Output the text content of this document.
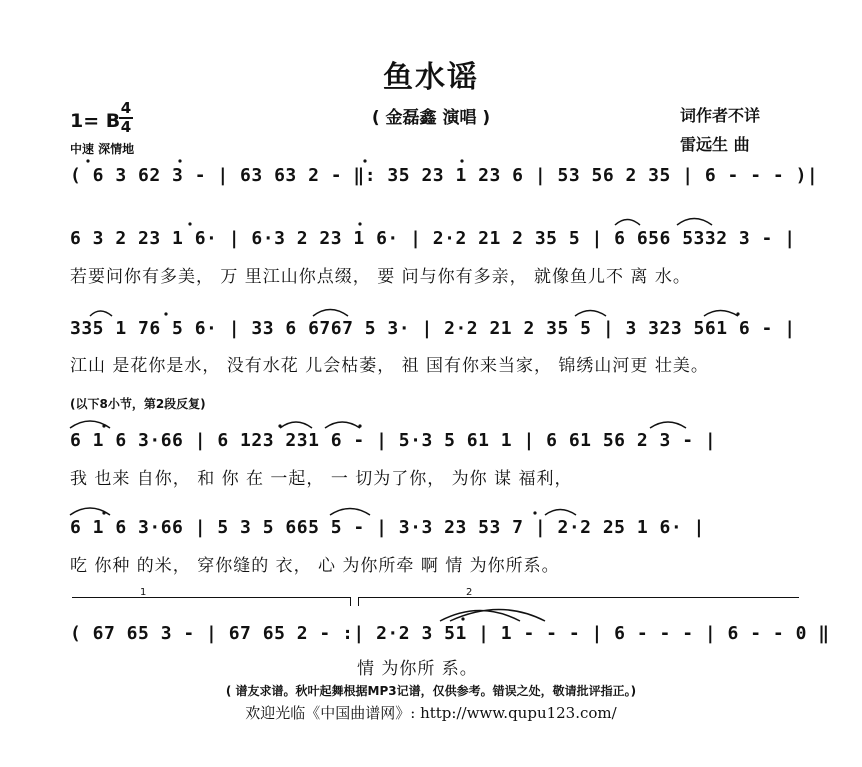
鱼水谣
( 金磊鑫 演唱 )	词作者不详
雷远生 曲
1= B
4
4
中速 深情地
( 6 3 62 3 - | 63 63 2 - ‖: 35 23 1 23 6 | 53 56 2 35 | 6 - - - )|
6 3 2 23 1 6· | 6·3 2 23 1 6· | 2·2 21 2 35 5 | 6 656 5332 3 - |
若要问你有多美， 万 里江山你点缀， 要 问与你有多亲， 就像鱼儿不 离 水。
335 1 76 5 6· | 33 6 6767 5 3· | 2·2 21 2 35 5 | 3 323 561 6 - |
江山 是花你是水， 没有水花 儿会枯萎， 祖 国有你来当家， 锦绣山河更 壮美。
(以下8小节，第2段反复)
6 1 6 3·66 | 6 123 231 6 - | 5·3 5 61 1 | 6 61 56 2 3 - |
我 也来 自你， 和 你 在 一起， 一 切为了你， 为你 谋 福利，
6 1 6 3·66 | 5 3 5 665 5 - | 3·3 23 53 7 | 2·2 25 1 6· |
吃 你种 的米， 穿你缝的 衣， 心 为你所牵 啊 情 为你所系。
1	2
( 67 65 3 - | 67 65 2 - :| 2·2 3 51 | 1 - - - | 6 - - - | 6 - - 0 ‖
情 为你所 系。
( 谱友求谱。秋叶起舞根据MP3记谱，仅供参考。错误之处，敬请批评指正。)
欢迎光临《中国曲谱网》: http://www.qupu123.com/
